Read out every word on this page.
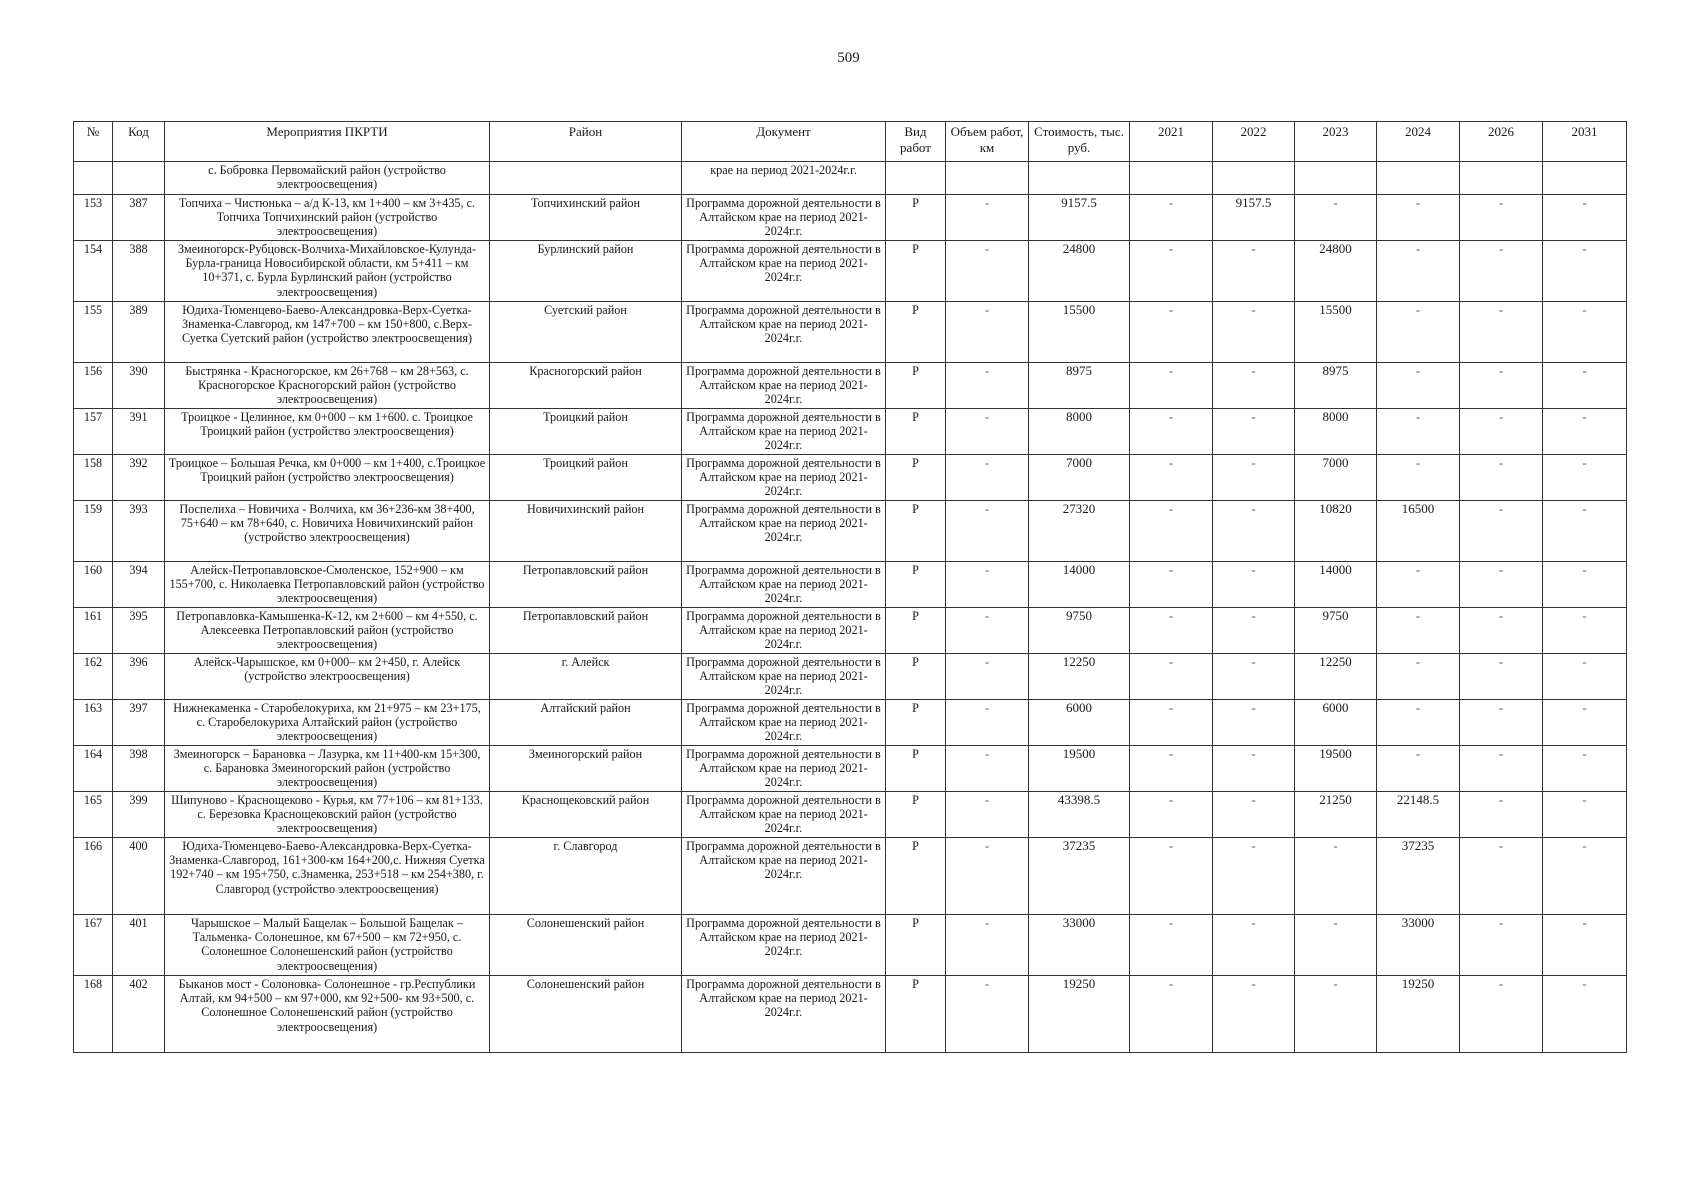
509
№	Код	Мероприятия ПКРТИ	Район	Документ	Вид работ	Объем работ, км	Стоимость, тыс. руб.	2021	2022	2023	2024	2026	2031
		с. Бобровка Первомайский район (устройство электроосвещения)		крае на период 2021-2024г.г.									
153	387	Топчиха – Чистюнька – а/д К-13, км 1+400 – км 3+435, с. Топчиха Топчихинский район (устройство электроосвещения)	Топчихинский район	Программа дорожной деятельности в Алтайском крае на период 2021-2024г.г.	Р	-	9157.5	-	9157.5	-	-	-	-
154	388	Змеиногорск-Рубцовск-Волчиха-Михайловское-Кулунда-Бурла-граница Новосибирской области, км 5+411 – км 10+371, с. Бурла Бурлинский район (устройство электроосвещения)	Бурлинский район	Программа дорожной деятельности в Алтайском крае на период 2021-2024г.г.	Р	-	24800	-	-	24800	-	-	-
155	389	Юдиха-Тюменцево-Баево-Александровка-Верх-Суетка-Знаменка-Славгород, км 147+700 – км 150+800, с.Верх-Суетка Суетский район (устройство электроосвещения)	Суетский район	Программа дорожной деятельности в Алтайском крае на период 2021-2024г.г.	Р	-	15500	-	-	15500	-	-	-
156	390	Быстрянка - Красногорское, км 26+768 – км 28+563, с. Красногорское Красногорский район (устройство электроосвещения)	Красногорский район	Программа дорожной деятельности в Алтайском крае на период 2021-2024г.г.	Р	-	8975	-	-	8975	-	-	-
157	391	Троицкое - Целинное, км 0+000 – км 1+600. с. Троицкое Троицкий район (устройство электроосвещения)	Троицкий район	Программа дорожной деятельности в Алтайском крае на период 2021-2024г.г.	Р	-	8000	-	-	8000	-	-	-
158	392	Троицкое – Большая Речка, км 0+000 – км 1+400, с.Троицкое Троицкий район (устройство электроосвещения)	Троицкий район	Программа дорожной деятельности в Алтайском крае на период 2021-2024г.г.	Р	-	7000	-	-	7000	-	-	-
159	393	Поспелиха – Новичиха - Волчиха, км 36+236-км 38+400, 75+640 – км 78+640, с. Новичиха Новичихинский район (устройство электроосвещения)	Новичихинский район	Программа дорожной деятельности в Алтайском крае на период 2021-2024г.г.	Р	-	27320	-	-	10820	16500	-	-
160	394	Алейск-Петропавловское-Смоленское, 152+900 – км 155+700, с. Николаевка Петропавловский район (устройство электроосвещения)	Петропавловский район	Программа дорожной деятельности в Алтайском крае на период 2021-2024г.г.	Р	-	14000	-	-	14000	-	-	-
161	395	Петропавловка-Камышенка-К-12, км 2+600 – км 4+550, с. Алексеевка Петропавловский район (устройство электроосвещения)	Петропавловский район	Программа дорожной деятельности в Алтайском крае на период 2021-2024г.г.	Р	-	9750	-	-	9750	-	-	-
162	396	Алейск-Чарышское, км 0+000– км 2+450, г. Алейск (устройство электроосвещения)	г. Алейск	Программа дорожной деятельности в Алтайском крае на период 2021-2024г.г.	Р	-	12250	-	-	12250	-	-	-
163	397	Нижнекаменка - Старобелокуриха, км 21+975 – км 23+175, с. Старобелокуриха Алтайский район (устройство электроосвещения)	Алтайский район	Программа дорожной деятельности в Алтайском крае на период 2021-2024г.г.	Р	-	6000	-	-	6000	-	-	-
164	398	Змеиногорск – Барановка – Лазурка, км 11+400-км 15+300, с. Барановка Змеиногорский район (устройство электроосвещения)	Змеиногорский район	Программа дорожной деятельности в Алтайском крае на период 2021-2024г.г.	Р	-	19500	-	-	19500	-	-	-
165	399	Шипуново - Краснощеково - Курья, км 77+106 – км 81+133. с. Березовка Краснощековский район (устройство электроосвещения)	Краснощековский район	Программа дорожной деятельности в Алтайском крае на период 2021-2024г.г.	Р	-	43398.5	-	-	21250	22148.5	-	-
166	400	Юдиха-Тюменцево-Баево-Александровка-Верх-Суетка-Знаменка-Славгород, 161+300-км 164+200,с. Нижняя Суетка 192+740 – км 195+750, с.Знаменка, 253+518 – км 254+380, г. Славгород (устройство электроосвещения)	г. Славгород	Программа дорожной деятельности в Алтайском крае на период 2021-2024г.г.	Р	-	37235	-	-	-	37235	-	-
167	401	Чарышское – Малый Бащелак – Большой Бащелак – Тальменка- Солонешное, км 67+500 – км 72+950, с. Солонешное Солонешенский район (устройство электроосвещения)	Солонешенский район	Программа дорожной деятельности в Алтайском крае на период 2021-2024г.г.	Р	-	33000	-	-	-	33000	-	-
168	402	Быканов мост - Солоновка- Солонешное - гр.Республики Алтай, км 94+500 – км 97+000, км 92+500- км 93+500, с. Солонешное Солонешенский район (устройство электроосвещения)	Солонешенский район	Программа дорожной деятельности в Алтайском крае на период 2021-2024г.г.	Р	-	19250	-	-	-	19250	-	-
